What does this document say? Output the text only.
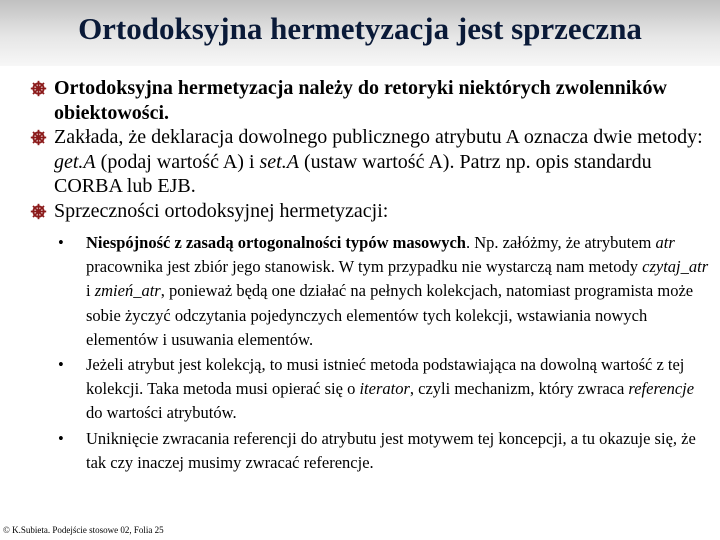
Ortodoksyjna hermetyzacja jest sprzeczna
Ortodoksyjna hermetyzacja należy do retoryki niektórych zwolenników obiektowości.
Zakłada, że deklaracja dowolnego publicznego atrybutu A oznacza dwie metody: get.A (podaj wartość A) i set.A (ustaw wartość A). Patrz np. opis standardu CORBA lub EJB.
Sprzeczności ortodoksyjnej hermetyzacji:
•	Niespójność z zasadą ortogonalności typów masowych. Np. załóżmy, że atrybutem atr pracownika jest zbiór jego stanowisk. W tym przypadku nie wystarczą nam metody czytaj_atr i zmień_atr, ponieważ będą one działać na pełnych kolekcjach, natomiast programista może sobie życzyć odczytania pojedynczych elementów tych kolekcji, wstawiania nowych elementów i usuwania elementów.
•	Jeżeli atrybut jest kolekcją, to musi istnieć metoda podstawiająca na dowolną wartość z tej kolekcji. Taka metoda musi opierać się o iterator, czyli mechanizm, który zwraca referencje do wartości atrybutów.
•	Uniknięcie zwracania referencji do atrybutu jest motywem tej koncepcji, a tu okazuje się, że tak czy inaczej musimy zwracać referencje.
© K.Subieta. Podejście stosowe 02, Folia 25
